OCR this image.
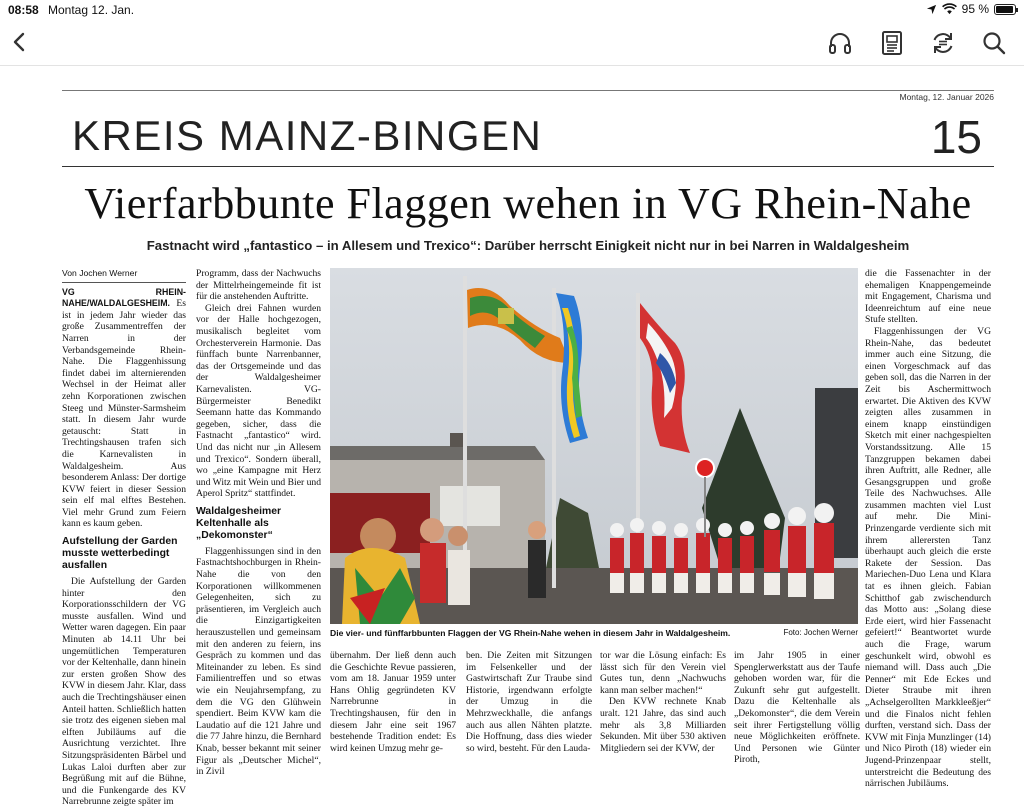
08:58 Montag 12. Jan.	95 %
Montag, 12. Januar 2026
KREIS MAINZ-BINGEN	15
Vierfarbbunte Flaggen wehen in VG Rhein-Nahe
Fastnacht wird „fantastico – in Allesem und Trexico“: Darüber herrscht Einigkeit nicht nur in bei Narren in Waldalgesheim
Von Jochen Werner

VG RHEIN-NAHE/WALDALGESHEIM. Es ist in jedem Jahr wieder das große Zusammentreffen der Narren in der Verbandsgemeinde Rhein-Nahe. Die Flaggenhissung findet dabei im alternierenden Wechsel in der Heimat aller zehn Korporationen zwischen Steeg und Münster-Sarmsheim statt. In diesem Jahr wurde getauscht: Statt in Trechtingshausen trafen sich die Karnevalisten in Waldalgesheim. Aus besonderem Anlass: Der dortige KVW feiert in dieser Session sein elf mal elftes Bestehen. Viel mehr Grund zum Feiern kann es kaum geben.

Aufstellung der Garden musste wetterbedingt ausfallen

Die Aufstellung der Garden hinter den Korporationsschildern der VG musste ausfallen. Wind und Wetter waren dagegen. Ein paar Minuten ab 14.11 Uhr bei ungemütlichen Temperaturen vor der Keltenhalle, dann hinein zur ersten großen Show des KVW in diesem Jahr. Klar, dass auch die Trechtingshäuser einen Anteil hatten. Schließlich hatten sie trotz des eigenen sieben mal elften Jubiläums auf die Ausrichtung verzichtet. Ihre Sitzungspräsidenten Bärbel und Lukas Laloi durften aber zur Begrüßung mit auf die Bühne, und die Funkengarde des KV Narrebrunne zeigte später im

Programm, dass der Nachwuchs der Mittelrheingemeinde fit ist für die anstehenden Auftritte.

Gleich drei Fahnen wurden vor der Halle hochgezogen, musikalisch begleitet vom Orchesterverein Harmonie. Das fünffach bunte Narrenbanner, das der Ortsgemeinde und das der Waldalgesheimer Karnevalisten. VG-Bürgermeister Benedikt Seemann hatte das Kommando gegeben, sicher, dass die Fastnacht „fantastico“ wird. Und das nicht nur „in Allesem und Trexico“. Sondern überall, wo „eine Kampagne mit Herz und Witz mit Wein und Bier und Aperol Spritz“ stattfindet.

Waldalgesheimer Keltenhalle als „Dekomonster“

Flaggenhissungen sind in den Fastnachtshochburgen in Rhein-Nahe die von den Korporationen willkommenen Gelegenheiten, sich zu präsentieren, im Vergleich auch die Einzigartigkeiten herauszustellen und gemeinsam mit den anderen zu feiern, ins Gespräch zu kommen und das Miteinander zu leben. Es sind Familientreffen und so etwas wie ein Neujahrsempfang, zu dem die VG den Glühwein spendiert. Beim KVW kam die Laudatio auf die 121 Jahre und die 77 Jahre hinzu, die Bernhard Knab, besser bekannt mit seiner Figur als „Deutscher Michel“, in Zivil

Die vier- und fünffarbbunten Flaggen der VG Rhein-Nahe wehen in diesem Jahr in Waldalgesheim.	Foto: Jochen Werner

übernahm. Der ließ denn auch die Geschichte Revue passieren, vom am 18. Januar 1959 unter Hans Ohlig gegründeten KV Narrebrunne in Trechtingshausen, für den in diesem Jahr eine seit 1967 bestehende Tradition endet: Es wird keinen Umzug mehr ge-

ben. Die Zeiten mit Sitzungen im Felsenkeller und der Gastwirtschaft Zur Traube sind Historie, irgendwann erfolgte der Umzug in die Mehrzweckhalle, die anfangs auch aus allen Nähten platzte. Die Hoffnung, dass dies wieder so wird, besteht. Für den Lauda-

tor war die Lösung einfach: Es lässt sich für den Verein viel Gutes tun, denn „Nachwuchs kann man selber machen!“

Den KVW rechnete Knab uralt. 121 Jahre, das sind auch mehr als 3,8 Milliarden Sekunden. Mit über 530 aktiven Mitgliedern sei der KVW, der

im Jahr 1905 in einer Spenglerwerkstatt aus der Taufe gehoben worden war, für die Zukunft sehr gut aufgestellt. Dazu die Keltenhalle als „Dekomonster“, die dem Verein seit ihrer Fertigstellung völlig neue Möglichkeiten eröffnete. Und Personen wie Günter Piroth,

die die Fassenachter in der ehemaligen Knappengemeinde mit Engagement, Charisma und Ideenreichtum auf eine neue Stufe stellten.

Flaggenhissungen der VG Rhein-Nahe, das bedeutet immer auch eine Sitzung, die einen Vorgeschmack auf das geben soll, das die Narren in der Zeit bis Aschermittwoch erwartet. Die Aktiven des KVW zeigten alles zusammen in einem knapp einstündigen Sketch mit einer nachgespielten Vorstandssitzung. Alle 15 Tanzgruppen bekamen dabei ihren Auftritt, alle Redner, alle Gesangsgruppen und große Teile des Nachwuchses. Alle zusammen machten viel Lust auf mehr. Die Mini-Prinzengarde verdiente sich mit ihrem allerersten Tanz überhaupt auch gleich die erste Rakete der Session. Das Mariechen-Duo Lena und Klara tat es ihnen gleich. Fabian Schitthof gab zwischendurch das Motto aus: „Solang diese Erde eiert, wird hier Fassenacht gefeiert!“ Beantwortet wurde auch die Frage, warum geschunkelt wird, obwohl es niemand will. Dass auch „Die Penner“ mit Ede Eckes und Dieter Straube mit ihren „Achselgerollten Markkleeßjer“ und die Finalos nicht fehlen durften, verstand sich. Dass der KVW mit Finja Munzlinger (14) und Nico Piroth (18) wieder ein Jugend-Prinzenpaar stellt, unterstreicht die Bedeutung des närrischen Jubiläums.
